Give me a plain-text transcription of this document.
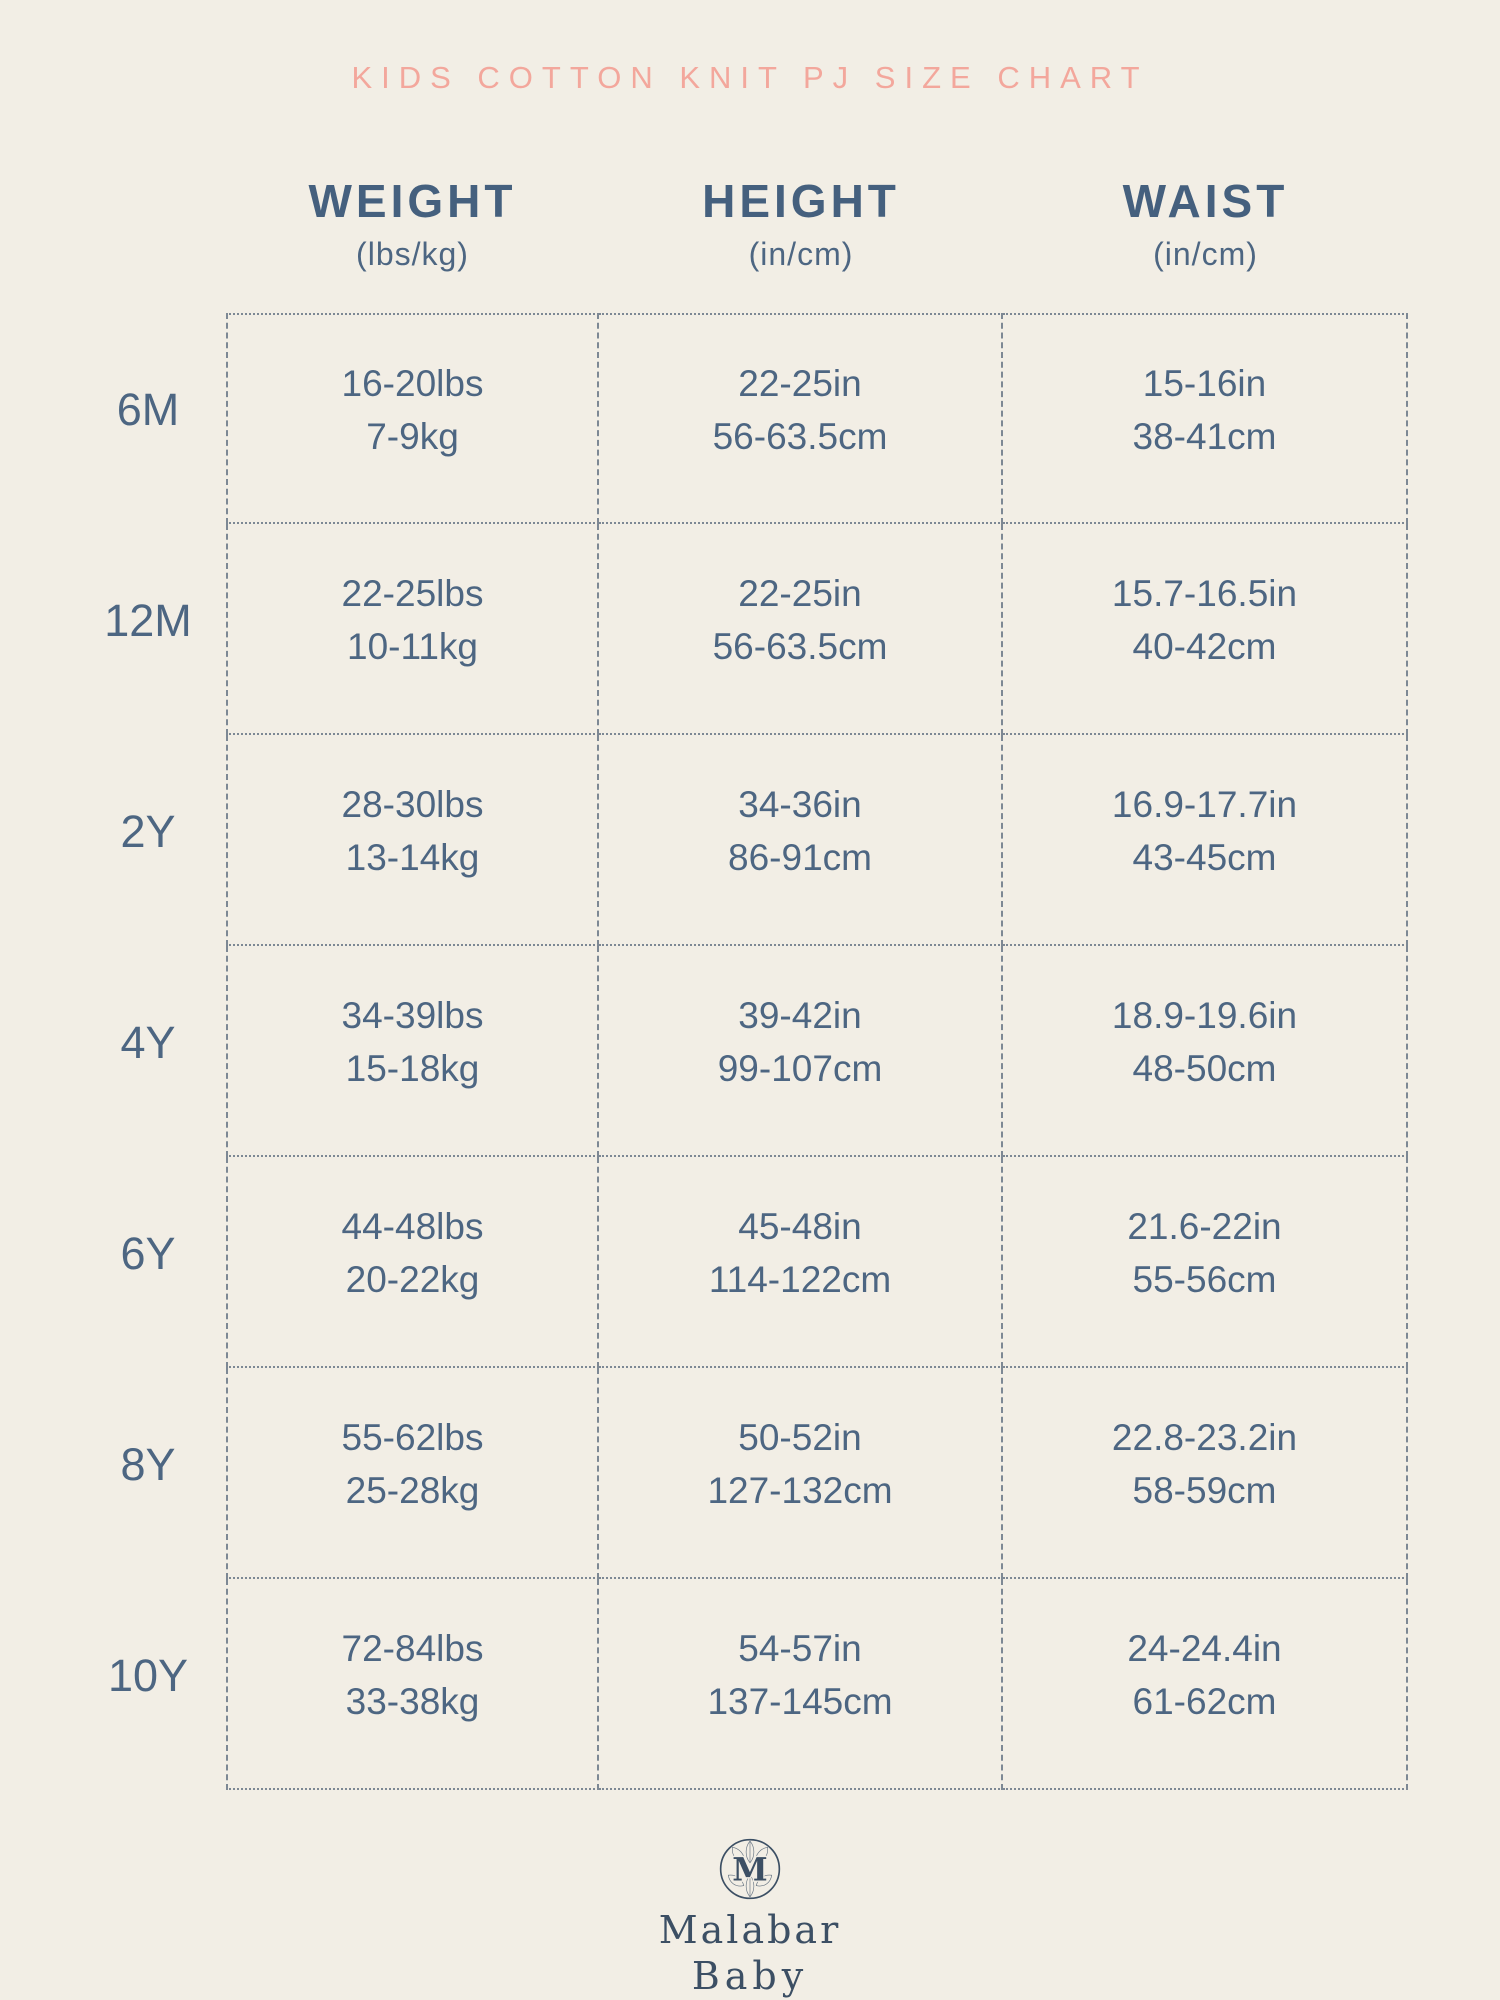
KIDS COTTON KNIT PJ SIZE CHART
WEIGHT
(lbs/kg)
HEIGHT
(in/cm)
WAIST
(in/cm)
6M
16-20lbs
7-9kg
22-25in
56-63.5cm
15-16in
38-41cm
12M
22-25lbs
10-11kg
22-25in
56-63.5cm
15.7-16.5in
40-42cm
2Y
28-30lbs
13-14kg
34-36in
86-91cm
16.9-17.7in
43-45cm
4Y
34-39lbs
15-18kg
39-42in
99-107cm
18.9-19.6in
48-50cm
6Y
44-48lbs
20-22kg
45-48in
114-122cm
21.6-22in
55-56cm
8Y
55-62lbs
25-28kg
50-52in
127-132cm
22.8-23.2in
58-59cm
10Y
72-84lbs
33-38kg
54-57in
137-145cm
24-24.4in
61-62cm
M
Malabar
Baby
